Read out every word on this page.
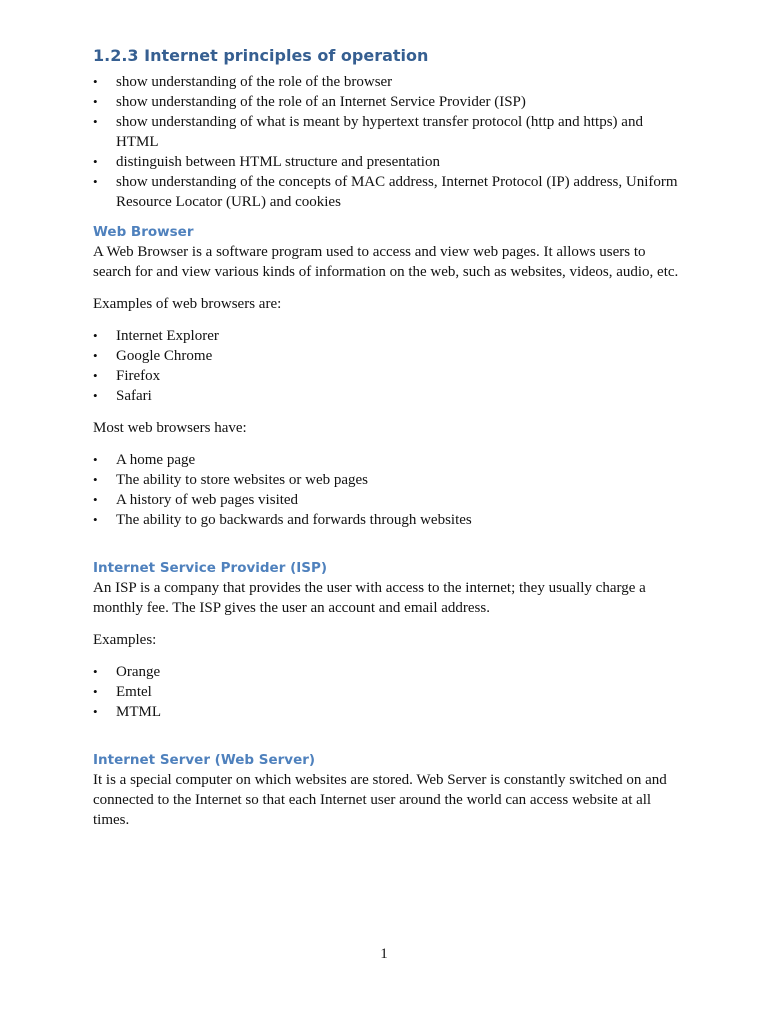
1.2.3 Internet principles of operation
• show understanding of the role of the browser
• show understanding of the role of an Internet Service Provider (ISP)
• show understanding of what is meant by hypertext transfer protocol (http and https) and HTML
• distinguish between HTML structure and presentation
• show understanding of the concepts of MAC address, Internet Protocol (IP) address, Uniform Resource Locator (URL) and cookies
Web Browser

A Web Browser is a software program used to access and view web pages. It allows users to search for and view various kinds of information on the web, such as websites, videos, audio, etc.

Examples of web browsers are:

• Internet Explorer
• Google Chrome
• Firefox
• Safari

Most web browsers have:

• A home page
• The ability to store websites or web pages
• A history of web pages visited
• The ability to go backwards and forwards through websites
Internet Service Provider (ISP)

An ISP is a company that provides the user with access to the internet; they usually charge a monthly fee. The ISP gives the user an account and email address.

Examples:

• Orange
• Emtel
• MTML
Internet Server (Web Server)

It is a special computer on which websites are stored. Web Server is constantly switched on and connected to the Internet so that each Internet user around the world can access website at all times.

1
